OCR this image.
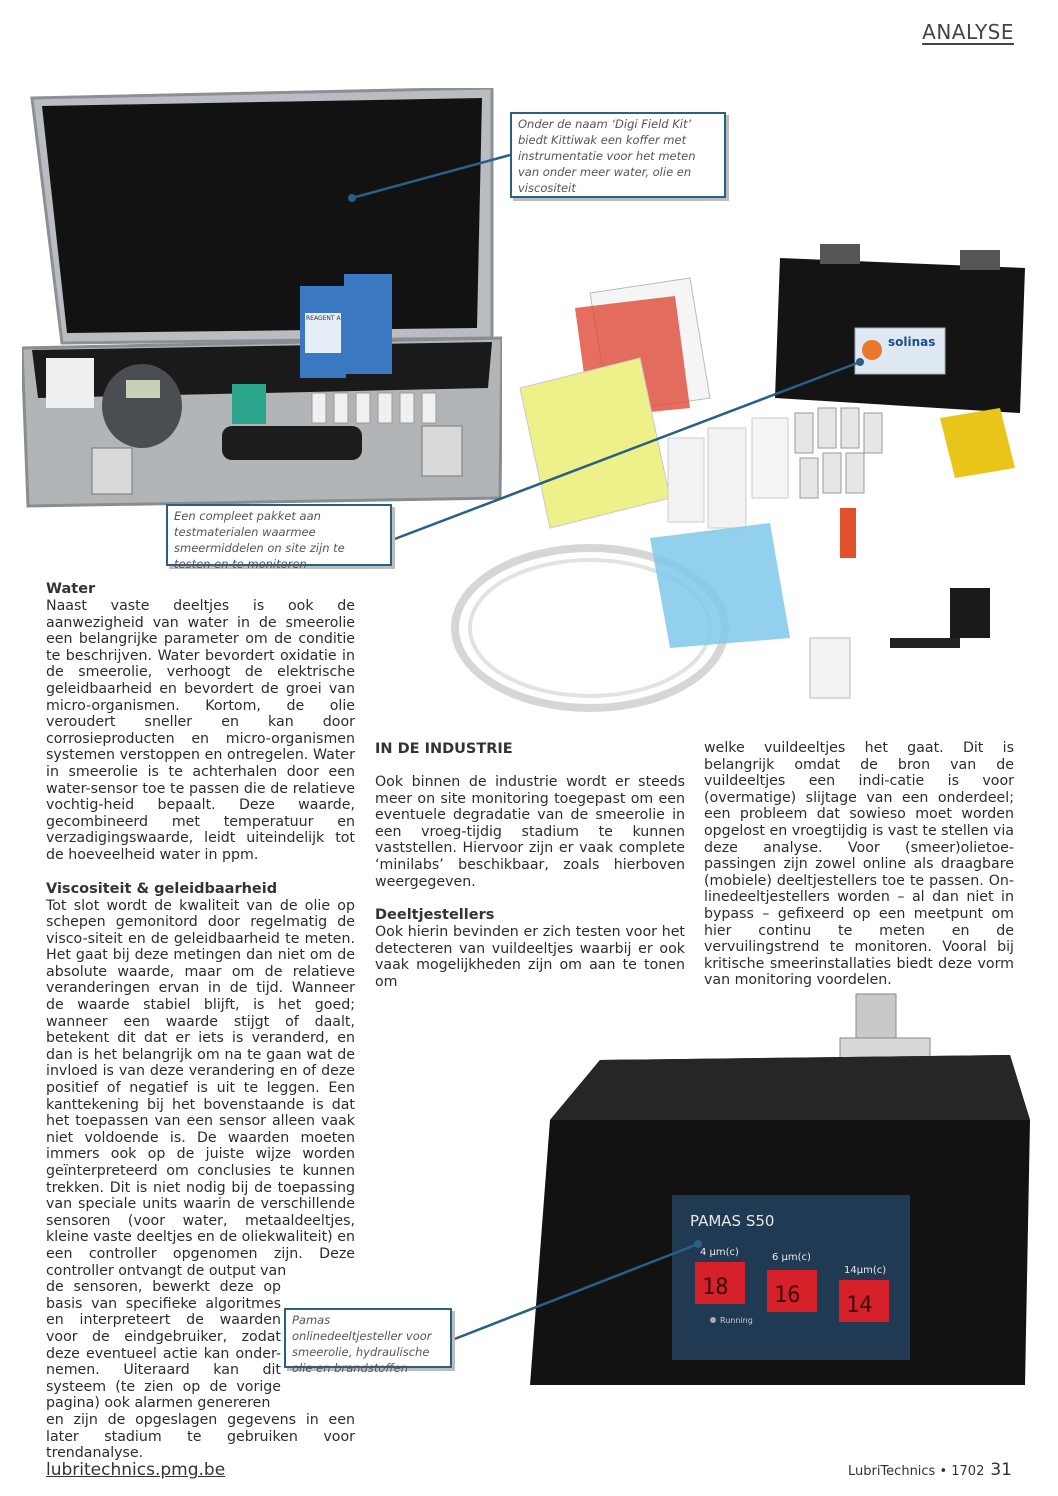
ANALYSE
REAGENT A
solinas
PAMAS S50
4 µm(c)	6 µm(c)
14µm(c)
18 16 14
Running
Onder de naam ‘Digi Field Kit’ biedt Kittiwak een koffer met instrumentatie voor het meten van onder meer water, olie en viscositeit
Een compleet pakket aan testmaterialen waarmee smeermiddelen on site zijn te testen en te monitoren
Pamas onlinedeeltjesteller voor smeerolie, hydraulische olie en brandstoffen
Water

Naast vaste deeltjes is ook de aanwezigheid van water in de smeerolie een belangrijke parameter om de conditie te beschrijven. Water bevordert oxidatie in de smeerolie, verhoogt de elektrische geleidbaarheid en bevordert de groei van micro-organismen. Kortom, de olie veroudert sneller en kan door corrosieproducten en micro-organismen systemen verstoppen en ontregelen. Water in smeerolie is te achterhalen door een water-sensor toe te passen die de relatieve vochtig-heid bepaalt. Deze waarde, gecombineerd met temperatuur en verzadigingswaarde, leidt uiteindelijk tot de hoeveelheid water in ppm.

Viscositeit & geleidbaarheid

Tot slot wordt de kwaliteit van de olie op schepen gemonitord door regelmatig de visco-siteit en de geleidbaarheid te meten. Het gaat bij deze metingen dan niet om de absolute waarde, maar om de relatieve veranderingen ervan in de tijd. Wanneer de waarde stabiel blijft, is het goed; wanneer een waarde stijgt of daalt, betekent dit dat er iets is veranderd, en dan is het belangrijk om na te gaan wat de invloed is van deze verandering en of deze positief of negatief is uit te leggen. Een kanttekening bij het bovenstaande is dat het toepassen van een sensor alleen vaak niet voldoende is. De waarden moeten immers ook op de juiste wijze worden geïnterpreteerd om conclusies te kunnen trekken. Dit is niet nodig bij de toepassing van speciale units waarin de verschillende sensoren (voor water, metaaldeeltjes, kleine vaste deeltjes en de oliekwaliteit) en een controller opgenomen zijn. Deze controller ontvangt de output van

de sensoren, bewerkt deze op basis van specifieke algoritmes en interpreteert de waarden voor de eindgebruiker, zodat deze eventueel actie kan onder-nemen. Uiteraard kan dit systeem (te zien op de vorige pagina) ook alarmen genereren

en zijn de opgeslagen gegevens in een later stadium te gebruiken voor trendanalyse.

IN DE INDUSTRIE

Ook binnen de industrie wordt er steeds meer on site monitoring toegepast om een eventuele degradatie van de smeerolie in een vroeg-tijdig stadium te kunnen vaststellen. Hiervoor zijn er vaak complete ‘minilabs’ beschikbaar, zoals hierboven weergegeven.

Deeltjestellers

Ook hierin bevinden er zich testen voor het detecteren van vuildeeltjes waarbij er ook vaak mogelijkheden zijn om aan te tonen om

welke vuildeeltjes het gaat. Dit is belangrijk omdat de bron van de vuildeeltjes een indi-catie is voor (overmatige) slijtage van een onderdeel; een probleem dat sowieso moet worden opgelost en vroegtijdig is vast te stellen via deze analyse. Voor (smeer)olietoe-passingen zijn zowel online als draagbare (mobiele) deeltjestellers toe te passen. On-linedeeltjestellers worden – al dan niet in bypass – gefixeerd op een meetpunt om hier continu te meten en de vervuilingstrend te monitoren. Vooral bij kritische smeerinstallaties biedt deze vorm van monitoring voordelen.

lubritechnics.pmg.be	LubriTechnics • 1702 31
